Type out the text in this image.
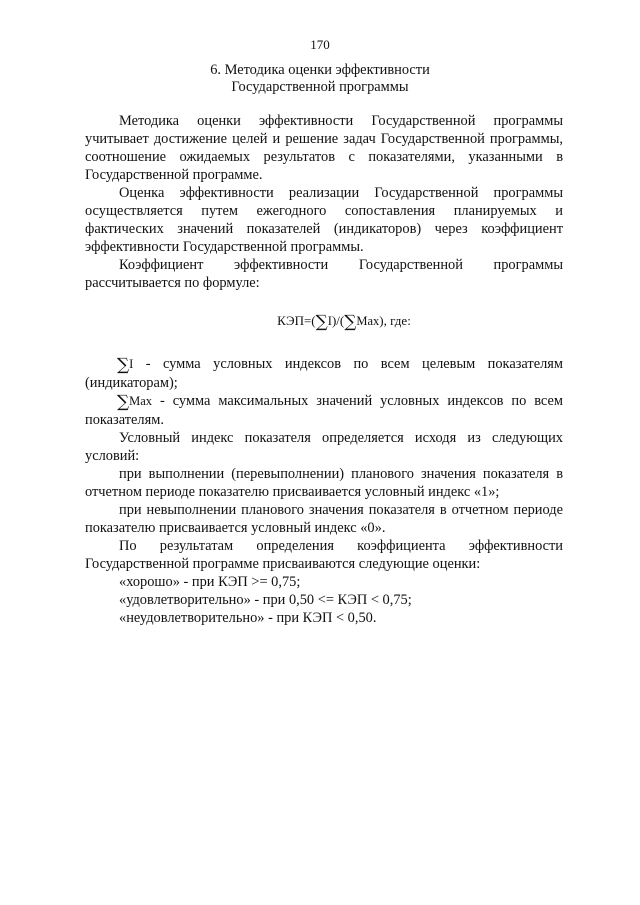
170
6. Методика оценки эффективности
Государственной программы

Методика оценки эффективности Государственной программы учитывает достижение целей и решение задач Государственной программы, соотношение ожидаемых результатов с показателями, указанными в Государственной программе.

Оценка эффективности реализации Государственной программы осуществляется путем ежегодного сопоставления планируемых и фактических значений показателей (индикаторов) через коэффициент эффективности Государственной программы.

Коэффициент эффективности Государственной программы рассчитывается по формуле:

КЭП=(∑I)/(∑Max), где:

∑I - сумма условных индексов по всем целевым показателям (индикаторам);

∑Max - сумма максимальных значений условных индексов по всем показателям.

Условный индекс показателя определяется исходя из следующих условий:

при выполнении (перевыполнении) планового значения показателя в отчетном периоде показателю присваивается условный индекс «1»;

при невыполнении планового значения показателя в отчетном периоде показателю присваивается условный индекс «0».

По результатам определения коэффициента эффективности Государственной программе присваиваются следующие оценки:

«хорошо» - при КЭП >= 0,75;

«удовлетворительно» - при 0,50 <= КЭП < 0,75;

«неудовлетворительно» - при КЭП < 0,50.
